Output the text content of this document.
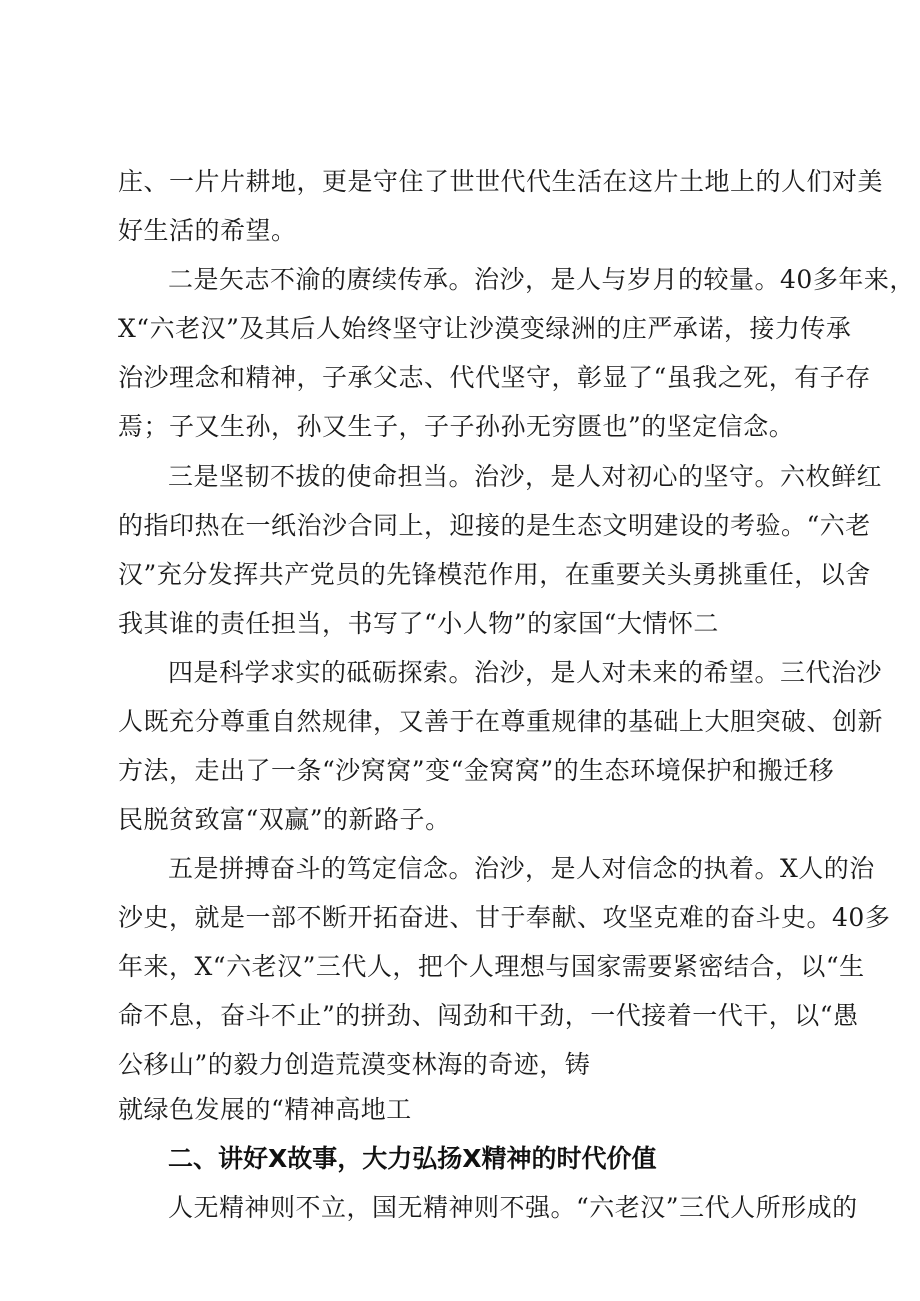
庄、一片片耕地，更是守住了世世代代生活在这片土地上的人们对美
好生活的希望。
二是矢志不渝的赓续传承。治沙，是人与岁月的较量。40多年来，
X“六老汉”及其后人始终坚守让沙漠变绿洲的庄严承诺，接力传承
治沙理念和精神，子承父志、代代坚守，彰显了“虽我之死，有子存
焉；子又生孙，孙又生子，子子孙孙无穷匮也”的坚定信念。
三是坚韧不拔的使命担当。治沙，是人对初心的坚守。六枚鲜红
的指印热在一纸治沙合同上，迎接的是生态文明建设的考验。“六老
汉”充分发挥共产党员的先锋模范作用，在重要关头勇挑重任，以舍
我其谁的责任担当，书写了“小人物”的家国“大情怀二
四是科学求实的砥砺探索。治沙，是人对未来的希望。三代治沙
人既充分尊重自然规律，又善于在尊重规律的基础上大胆突破、创新
方法，走出了一条“沙窝窝”变“金窝窝”的生态环境保护和搬迁移
民脱贫致富“双赢”的新路子。
五是拼搏奋斗的笃定信念。治沙，是人对信念的执着。X人的治
沙史，就是一部不断开拓奋进、甘于奉献、攻坚克难的奋斗史。40多
年来，X“六老汉”三代人，把个人理想与国家需要紧密结合，以“生
命不息，奋斗不止”的拼劲、闯劲和干劲，一代接着一代干，以“愚
公移山”的毅力创造荒漠变林海的奇迹，铸
就绿色发展的“精神高地工
二、讲好X故事，大力弘扬X精神的时代价值
人无精神则不立，国无精神则不强。“六老汉”三代人所形成的
